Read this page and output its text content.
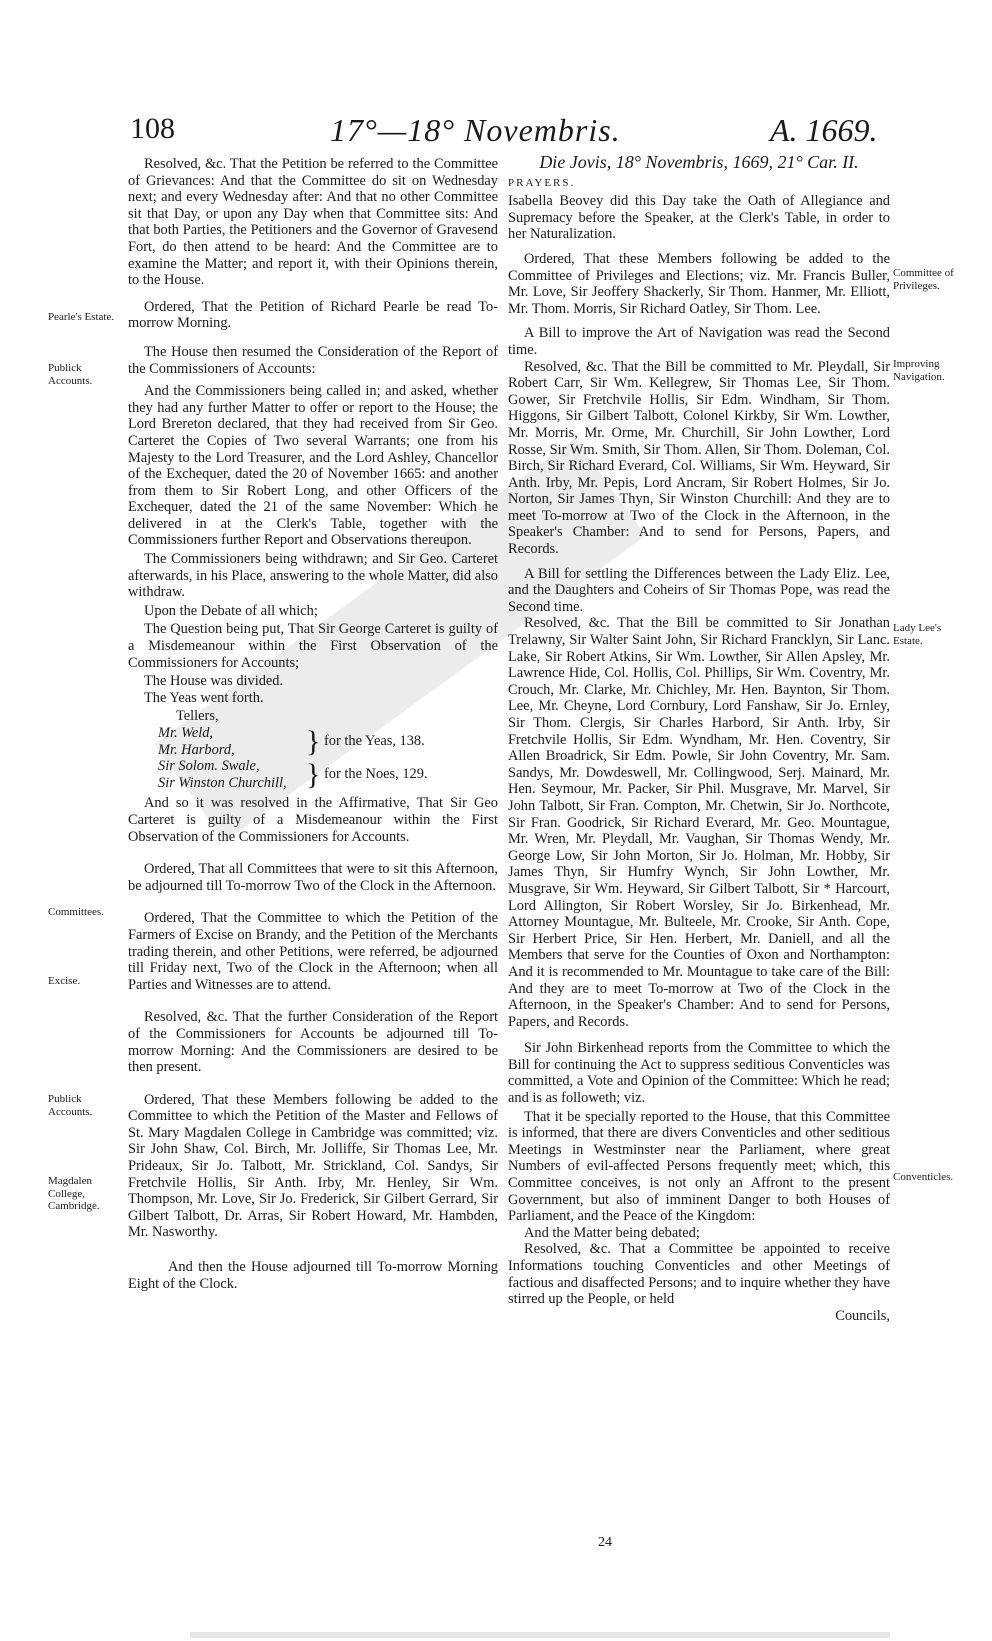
108	17°—18° Novembris.	A. 1669.
Pearle's Estate.
Publick Accounts.
Committees.
Excise.
Publick Accounts.
Magdalen College, Cambridge.

Resolved, &c. That the Petition be referred to the Committee of Grievances: And that the Committee do sit on Wednesday next; and every Wednesday after: And that no other Committee sit that Day, or upon any Day when that Committee sits: And that both Parties, the Petitioners and the Governor of Gravesend Fort, do then attend to be heard: And the Committee are to examine the Matter; and report it, with their Opinions therein, to the House.

Ordered, That the Petition of Richard Pearle be read To-morrow Morning.

The House then resumed the Consideration of the Report of the Commissioners of Accounts:

And the Commissioners being called in; and asked, whether they had any further Matter to offer or report to the House; the Lord Brereton declared, that they had received from Sir Geo. Carteret the Copies of Two several Warrants; one from his Majesty to the Lord Treasurer, and the Lord Ashley, Chancellor of the Exchequer, dated the 20 of November 1665: and another from them to Sir Robert Long, and other Officers of the Exchequer, dated the 21 of the same November: Which he delivered in at the Clerk's Table, together with the Commissioners further Report and Observations thereupon.

The Commissioners being withdrawn; and Sir Geo. Carteret afterwards, in his Place, answering to the whole Matter, did also withdraw.

Upon the Debate of all which;

The Question being put, That Sir George Carteret is guilty of a Misdemeanour within the First Observation of the Commissioners for Accounts;

The House was divided.

The Yeas went forth.

Tellers,
Mr. Weld,
Mr. Harbord,	} for the Yeas, 138.
Sir Solom. Swale,
Sir Winston Churchill, } for the Noes, 129.

And so it was resolved in the Affirmative, That Sir Geo Carteret is guilty of a Misdemeanour within the First Observation of the Commissioners for Accounts.

Ordered, That all Committees that were to sit this Afternoon, be adjourned till To-morrow Two of the Clock in the Afternoon.

Ordered, That the Committee to which the Petition of the Farmers of Excise on Brandy, and the Petition of the Merchants trading therein, and other Petitions, were referred, be adjourned till Friday next, Two of the Clock in the Afternoon; when all Parties and Witnesses are to attend.

Resolved, &c. That the further Consideration of the Report of the Commissioners for Accounts be adjourned till To-morrow Morning: And the Commissioners are desired to be then present.

Ordered, That these Members following be added to the Committee to which the Petition of the Master and Fellows of St. Mary Magdalen College in Cambridge was committed; viz. Sir John Shaw, Col. Birch, Mr. Jolliffe, Sir Thomas Lee, Mr. Prideaux, Sir Jo. Talbott, Mr. Strickland, Col. Sandys, Sir Fretchvile Hollis, Sir Anth. Irby, Mr. Henley, Sir Wm. Thompson, Mr. Love, Sir Jo. Frederick, Sir Gilbert Gerrard, Sir Gilbert Talbott, Dr. Arras, Sir Robert Howard, Mr. Hambden, Mr. Nasworthy.

And then the House adjourned till To-morrow Morning Eight of the Clock.

Committee of Privileges.
Improving Navigation.
Lady Lee's Estate.
Conventicles.
Die Jovis, 18° Novembris, 1669, 21° Car. II.
PRAYERS.

Isabella Beovey did this Day take the Oath of Allegiance and Supremacy before the Speaker, at the Clerk's Table, in order to her Naturalization.

Ordered, That these Members following be added to the Committee of Privileges and Elections; viz. Mr. Francis Buller, Mr. Love, Sir Jeoffery Shackerly, Sir Thom. Hanmer, Mr. Elliott, Mr. Thom. Morris, Sir Richard Oatley, Sir Thom. Lee.

A Bill to improve the Art of Navigation was read the Second time.

Resolved, &c. That the Bill be committed to Mr. Pleydall, Sir Robert Carr, Sir Wm. Kellegrew, Sir Thomas Lee, Sir Thom. Gower, Sir Fretchvile Hollis, Sir Edm. Windham, Sir Thom. Higgons, Sir Gilbert Talbott, Colonel Kirkby, Sir Wm. Lowther, Mr. Morris, Mr. Orme, Mr. Churchill, Sir John Lowther, Lord Rosse, Sir Wm. Smith, Sir Thom. Allen, Sir Thom. Doleman, Col. Birch, Sir Richard Everard, Col. Williams, Sir Wm. Heyward, Sir Anth. Irby, Mr. Pepis, Lord Ancram, Sir Robert Holmes, Sir Jo. Norton, Sir James Thyn, Sir Winston Churchill: And they are to meet To-morrow at Two of the Clock in the Afternoon, in the Speaker's Chamber: And to send for Persons, Papers, and Records.

A Bill for settling the Differences between the Lady Eliz. Lee, and the Daughters and Coheirs of Sir Thomas Pope, was read the Second time.

Resolved, &c. That the Bill be committed to Sir Jonathan Trelawny, Sir Walter Saint John, Sir Richard Francklyn, Sir Lanc. Lake, Sir Robert Atkins, Sir Wm. Lowther, Sir Allen Apsley, Mr. Lawrence Hide, Col. Hollis, Col. Phillips, Sir Wm. Coventry, Mr. Crouch, Mr. Clarke, Mr. Chichley, Mr. Hen. Baynton, Sir Thom. Lee, Mr. Cheyne, Lord Cornbury, Lord Fanshaw, Sir Jo. Ernley, Sir Thom. Clergis, Sir Charles Harbord, Sir Anth. Irby, Sir Fretchvile Hollis, Sir Edm. Wyndham, Mr. Hen. Coventry, Sir Allen Broadrick, Sir Edm. Powle, Sir John Coventry, Mr. Sam. Sandys, Mr. Dowdeswell, Mr. Collingwood, Serj. Mainard, Mr. Hen. Seymour, Mr. Packer, Sir Phil. Musgrave, Mr. Marvel, Sir John Talbott, Sir Fran. Compton, Mr. Chetwin, Sir Jo. Northcote, Sir Fran. Goodrick, Sir Richard Everard, Mr. Geo. Mountague, Mr. Wren, Mr. Pleydall, Mr. Vaughan, Sir Thomas Wendy, Mr. George Low, Sir John Morton, Sir Jo. Holman, Mr. Hobby, Sir James Thyn, Sir Humfry Wynch, Sir John Lowther, Mr. Musgrave, Sir Wm. Heyward, Sir Gilbert Talbott, Sir * Harcourt, Lord Allington, Sir Robert Worsley, Sir Jo. Birkenhead, Mr. Attorney Mountague, Mr. Bulteele, Mr. Crooke, Sir Anth. Cope, Sir Herbert Price, Sir Hen. Herbert, Mr. Daniell, and all the Members that serve for the Counties of Oxon and Northampton: And it is recommended to Mr. Mountague to take care of the Bill: And they are to meet To-morrow at Two of the Clock in the Afternoon, in the Speaker's Chamber: And to send for Persons, Papers, and Records.

Sir John Birkenhead reports from the Committee to which the Bill for continuing the Act to suppress seditious Conventicles was committed, a Vote and Opinion of the Committee: Which he read; and is as followeth; viz.

That it be specially reported to the House, that this Committee is informed, that there are divers Conventicles and other seditious Meetings in Westminster near the Parliament, where great Numbers of evil-affected Persons frequently meet; which, this Committee conceives, is not only an Affront to the present Government, but also of imminent Danger to both Houses of Parliament, and the Peace of the Kingdom:

And the Matter being debated;

Resolved, &c. That a Committee be appointed to receive Informations touching Conventicles and other Meetings of factious and disaffected Persons; and to inquire whether they have stirred up the People, or held

Councils,
24
